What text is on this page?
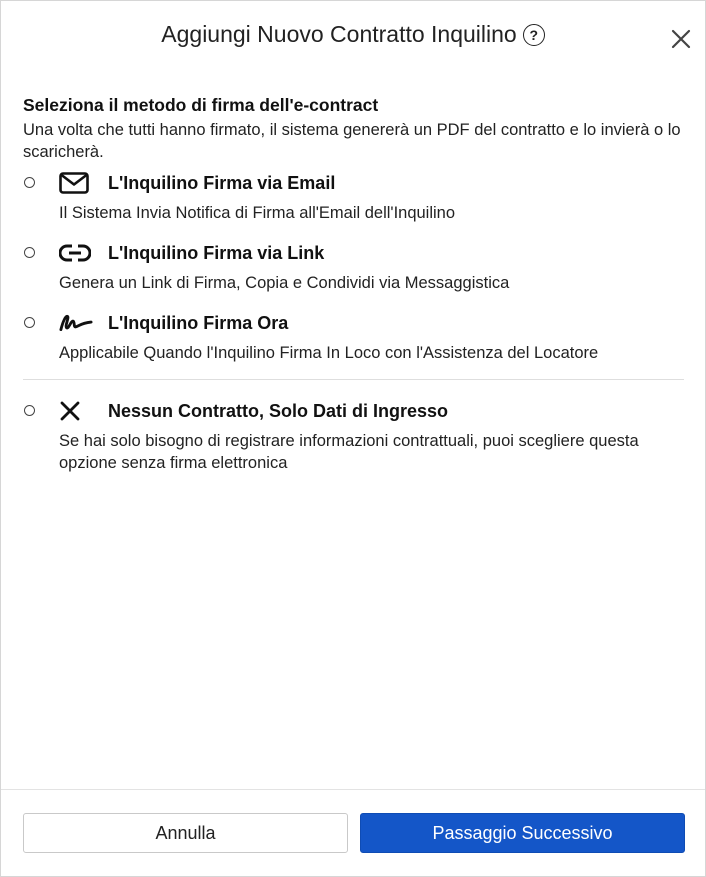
Aggiungi Nuovo Contratto Inquilino ?
Seleziona il metodo di firma dell'e-contract
Una volta che tutti hanno firmato, il sistema genererà un PDF del contratto e lo invierà o lo scaricherà.
L'Inquilino Firma via Email
Il Sistema Invia Notifica di Firma all'Email dell'Inquilino
L'Inquilino Firma via Link
Genera un Link di Firma, Copia e Condividi via Messaggistica
L'Inquilino Firma Ora
Applicabile Quando l'Inquilino Firma In Loco con l'Assistenza del Locatore
Nessun Contratto, Solo Dati di Ingresso
Se hai solo bisogno di registrare informazioni contrattuali, puoi scegliere questa opzione senza firma elettronica
Annulla	Passaggio Successivo
